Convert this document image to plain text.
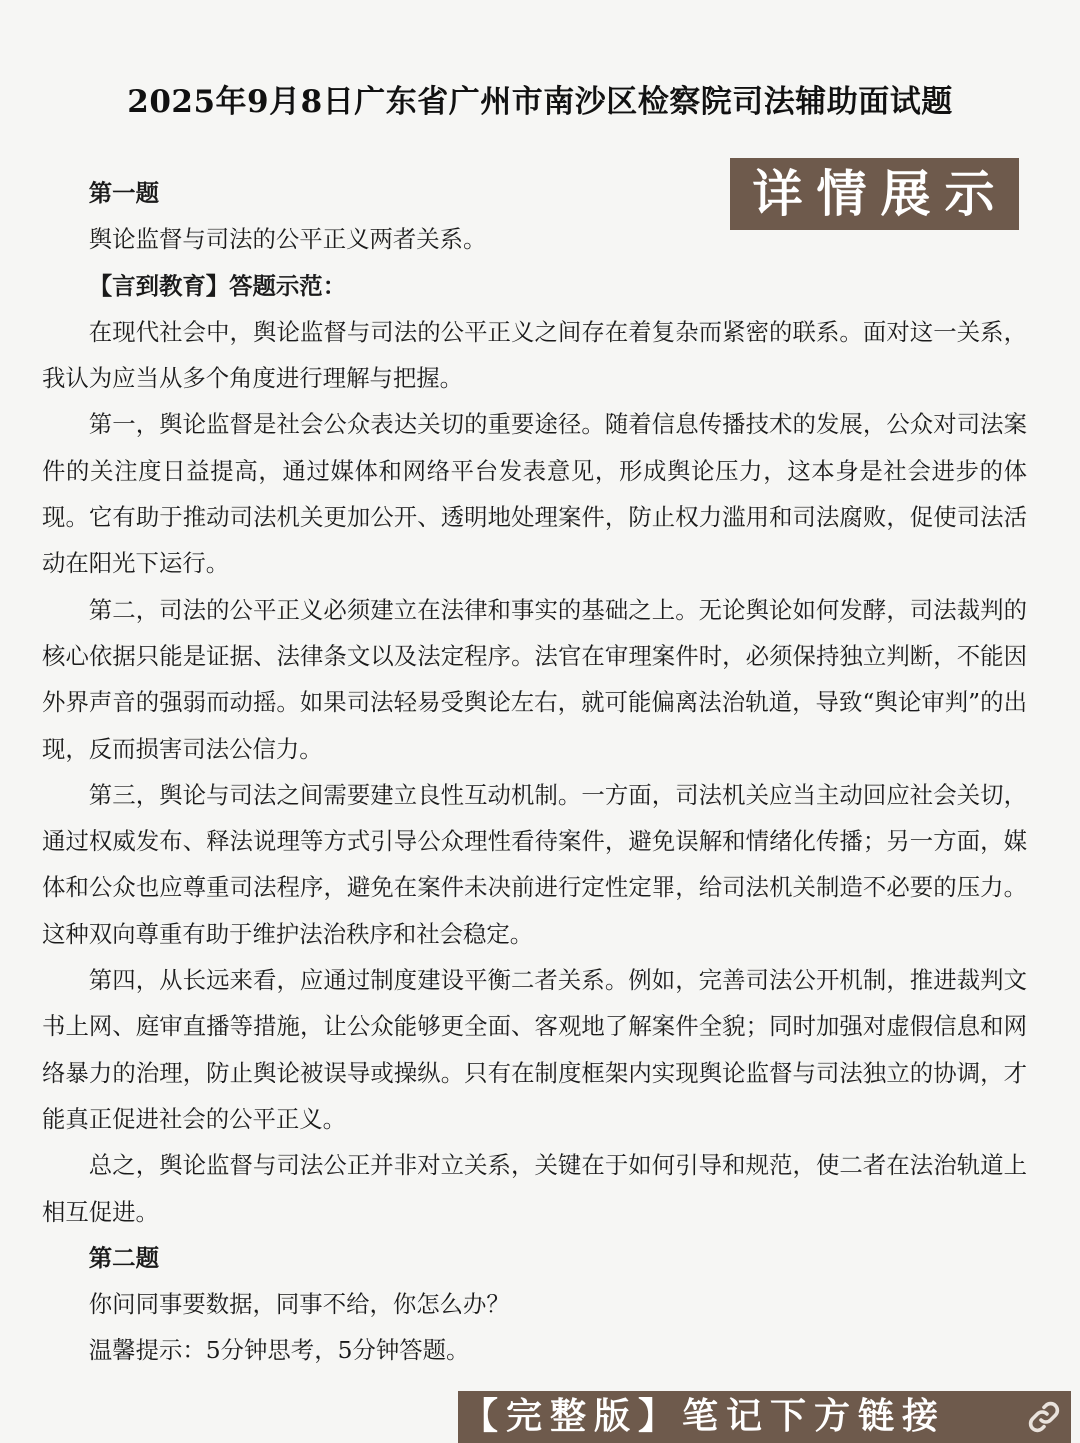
2025年9月8日广东省广州市南沙区检察院司法辅助面试题
详情展示

第一题

舆论监督与司法的公平正义两者关系。

【言到教育】答题示范：

在现代社会中，舆论监督与司法的公平正义之间存在着复杂而紧密的联系。面对这一关系，我认为应当从多个角度进行理解与把握。

第一，舆论监督是社会公众表达关切的重要途径。随着信息传播技术的发展，公众对司法案件的关注度日益提高，通过媒体和网络平台发表意见，形成舆论压力，这本身是社会进步的体现。它有助于推动司法机关更加公开、透明地处理案件，防止权力滥用和司法腐败，促使司法活动在阳光下运行。

第二，司法的公平正义必须建立在法律和事实的基础之上。无论舆论如何发酵，司法裁判的核心依据只能是证据、法律条文以及法定程序。法官在审理案件时，必须保持独立判断，不能因外界声音的强弱而动摇。如果司法轻易受舆论左右，就可能偏离法治轨道，导致“舆论审判”的出现，反而损害司法公信力。

第三，舆论与司法之间需要建立良性互动机制。一方面，司法机关应当主动回应社会关切，通过权威发布、释法说理等方式引导公众理性看待案件，避免误解和情绪化传播；另一方面，媒体和公众也应尊重司法程序，避免在案件未决前进行定性定罪，给司法机关制造不必要的压力。这种双向尊重有助于维护法治秩序和社会稳定。

第四，从长远来看，应通过制度建设平衡二者关系。例如，完善司法公开机制，推进裁判文书上网、庭审直播等措施，让公众能够更全面、客观地了解案件全貌；同时加强对虚假信息和网络暴力的治理，防止舆论被误导或操纵。只有在制度框架内实现舆论监督与司法独立的协调，才能真正促进社会的公平正义。

总之，舆论监督与司法公正并非对立关系，关键在于如何引导和规范，使二者在法治轨道上相互促进。

第二题

你问同事要数据，同事不给，你怎么办？

温馨提示：5分钟思考，5分钟答题。

【完整版】笔记下方链接
